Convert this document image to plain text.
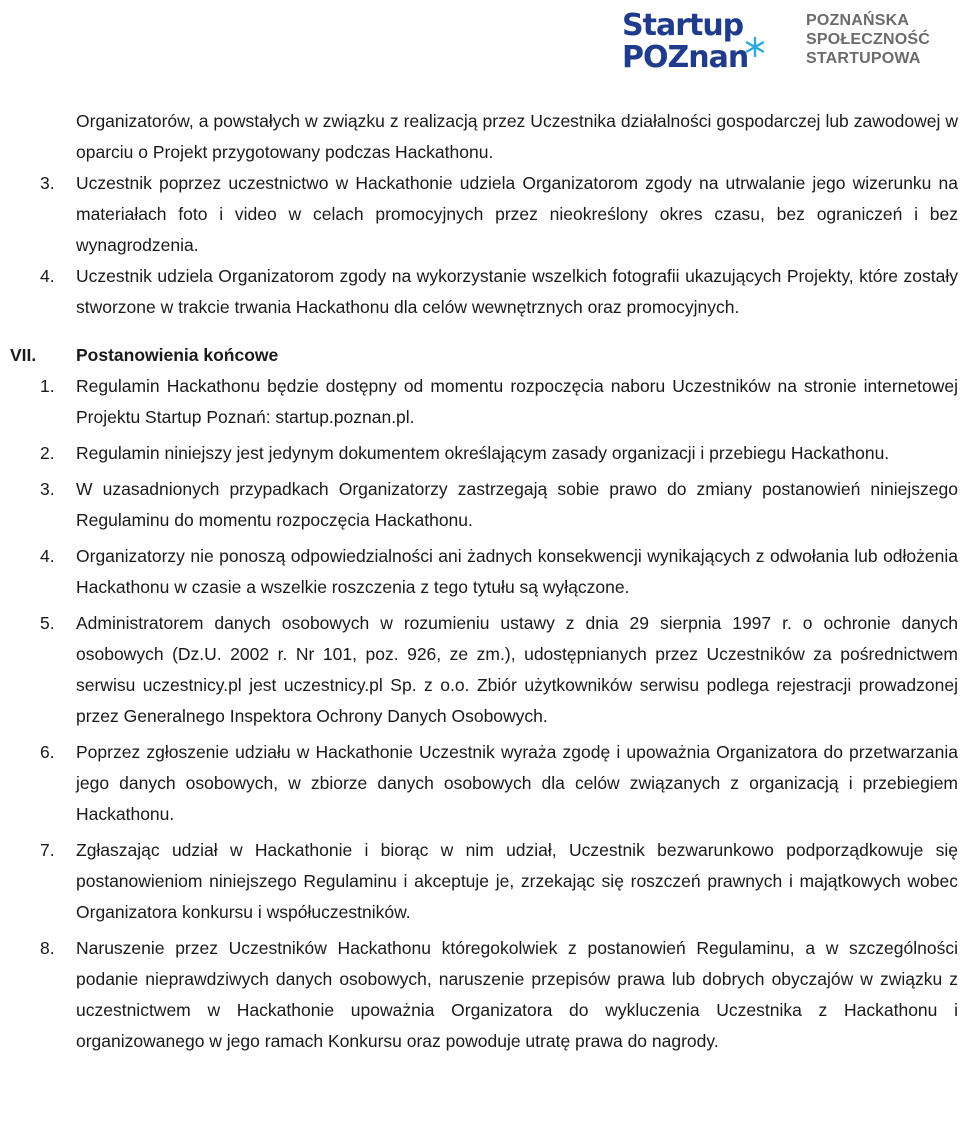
Startup
POZnan
POZNAŃSKA
SPOŁECZNOŚĆ
STARTUPOWA
Organizatorów, a powstałych w związku z realizacją przez Uczestnika działalności gospodarczej lub zawodowej w oparciu o Projekt przygotowany podczas Hackathonu.
3.	Uczestnik poprzez uczestnictwo w Hackathonie udziela Organizatorom zgody na utrwalanie jego wizerunku na materiałach foto i video w celach promocyjnych przez nieokreślony okres czasu, bez ograniczeń i bez wynagrodzenia.
4.	Uczestnik udziela Organizatorom zgody na wykorzystanie wszelkich fotografii ukazujących Projekty, które zostały stworzone w trakcie trwania Hackathonu dla celów wewnętrznych oraz promocyjnych.
VII. Postanowienia końcowe
1.	Regulamin Hackathonu będzie dostępny od momentu rozpoczęcia naboru Uczestników na stronie internetowej Projektu Startup Poznań: startup.poznan.pl.
2.	Regulamin niniejszy jest jedynym dokumentem określającym zasady organizacji i przebiegu Hackathonu.
3.	W uzasadnionych przypadkach Organizatorzy zastrzegają sobie prawo do zmiany postanowień niniejszego Regulaminu do momentu rozpoczęcia Hackathonu.
4.	Organizatorzy nie ponoszą odpowiedzialności ani żadnych konsekwencji wynikających z odwołania lub odłożenia Hackathonu w czasie a wszelkie roszczenia z tego tytułu są wyłączone.
5.	Administratorem danych osobowych w rozumieniu ustawy z dnia 29 sierpnia 1997 r. o ochronie danych osobowych (Dz.U. 2002 r. Nr 101, poz. 926, ze zm.), udostępnianych przez Uczestników za pośrednictwem serwisu uczestnicy.pl jest uczestnicy.pl Sp. z o.o. Zbiór użytkowników serwisu podlega rejestracji prowadzonej przez Generalnego Inspektora Ochrony Danych Osobowych.
6.	Poprzez zgłoszenie udziału w Hackathonie Uczestnik wyraża zgodę i upoważnia Organizatora do przetwarzania jego danych osobowych, w zbiorze danych osobowych dla celów związanych z organizacją i przebiegiem Hackathonu.
7.	Zgłaszając udział w Hackathonie i biorąc w nim udział, Uczestnik bezwarunkowo podporządkowuje się postanowieniom niniejszego Regulaminu i akceptuje je, zrzekając się roszczeń prawnych i majątkowych wobec Organizatora konkursu i współuczestników.
8.	Naruszenie przez Uczestników Hackathonu któregokolwiek z postanowień Regulaminu, a w szczególności podanie nieprawdziwych danych osobowych, naruszenie przepisów prawa lub dobrych obyczajów w związku z uczestnictwem w Hackathonie upoważnia Organizatora do wykluczenia Uczestnika z Hackathonu i organizowanego w jego ramach Konkursu oraz powoduje utratę prawa do nagrody.
